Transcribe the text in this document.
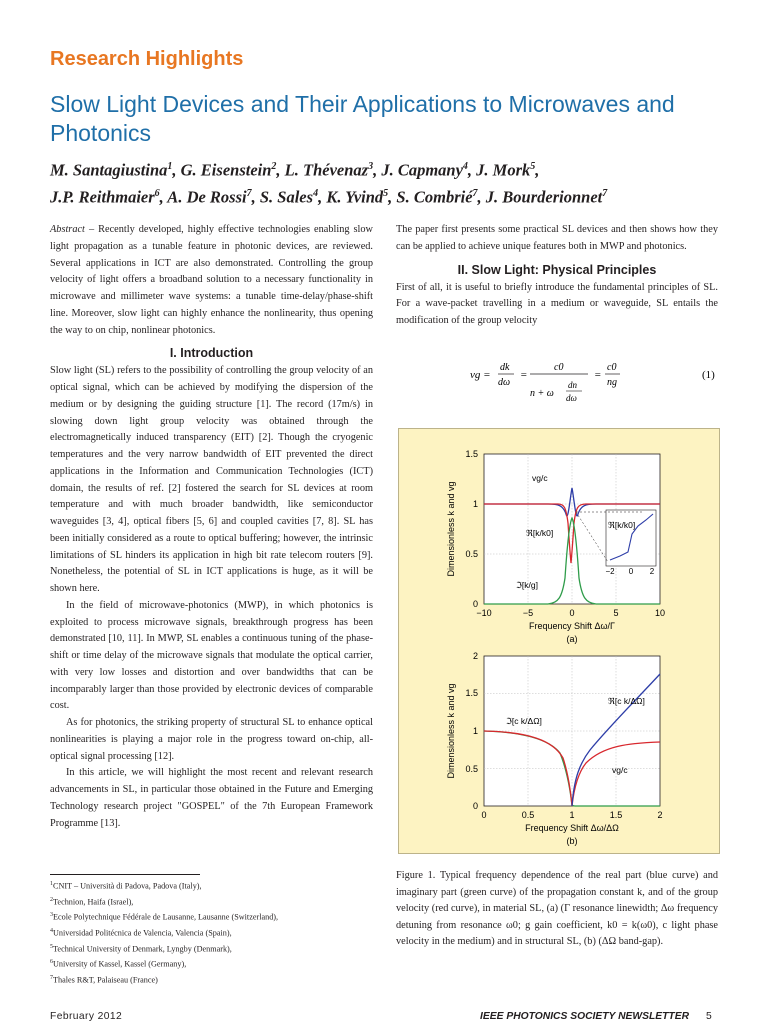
Research Highlights
Slow Light Devices and Their Applications to Microwaves and Photonics
M. Santagiustina$^1$, G. Eisenstein$^2$, L. Thévenaz$^3$, J. Capmany$^4$, J. Mork$^5$,
J.P. Reithmaier$^6$, A. De Rossi$^7$, S. Sales$^4$, K. Yvind$^5$, S. Combrié$^7$, J. Bourderionnet$^7$

Abstract – Recently developed, highly effective technologies enabling slow light propagation as a tunable feature in photonic devices, are reviewed. Several applications in ICT are also demonstrated. Controlling the group velocity of light offers a broadband solution to a necessary functionality in microwave and millimeter wave systems: a tunable time-delay/phase-shift line. Moreover, slow light can highly enhance the nonlinearity, thus opening the way to on chip, nonlinear photonics.

I. Introduction

Slow light (SL) refers to the possibility of controlling the group velocity of an optical signal, which can be achieved by modifying the dispersion of the medium or by designing the guiding structure [1]. The record (17m/s) in slowing down light group velocity was obtained through the electromagnetically induced transparency (EIT) [2]. Though the cryogenic temperatures and the very narrow bandwidth of EIT prevented the direct applications in the Information and Communication Technologies (ICT) domain, the results of ref. [2] fostered the search for SL devices at room temperature and with much broader bandwidth, like semiconductor waveguides [3, 4], optical fibers [5, 6] and coupled cavities [7, 8]. SL has been initially considered as a route to optical buffering; however, the intrinsic limitations of SL hinders its application in high bit rate telecom routers [9]. Nonetheless, the potential of SL in ICT applications is huge, as it will be shown here.

In the field of microwave-photonics (MWP), in which photonics is exploited to process microwave signals, breakthrough progress has been demonstrated [10, 11]. In MWP, SL enables a continuous tuning of the phase-shift or time delay of the microwave signals that modulate the optical carrier, with very low losses and distortion and over bandwidths that can be incomparably larger than those provided by electronic devices of comparable cost.

As for photonics, the striking property of structural SL to enhance optical nonlinearities is playing a major role in the progress toward on-chip, all-optical signal processing [12].

In this article, we will highlight the most recent and relevant research advancements in SL, in particular those obtained in the Future and Emerging Technology research project "GOSPEL" of the 7th European Framework Programme [13].

The paper first presents some practical SL devices and then shows how they can be applied to achieve unique features both in MWP and photonics.

II. Slow Light: Physical Principles

First of all, it is useful to briefly introduce the fundamental principles of SL. For a wave-packet travelling in a medium or waveguide, SL entails the modification of the group velocity

vg =
dk
dω
=
c0
n + ω
dn
dω
=
c0
ng
(1)
1.5
1
0.5
0
−10	−5	0	5	10
Frequency Shift Δω/Γ
(a)
Dimensionless k and vg	−2 0 2
vg/c
ℜ[k/k0]
ℜ[k/k0]
ℑ[k/g]
2
1.5
1
0.5
0
0	0.5	1	1.5	2
Frequency Shift Δω/ΔΩ
(b)
Dimensionless k and vg	ℑ[c k/ΔΩ]
ℜ[c k/ΔΩ]
vg/c

Figure 1. Typical frequency dependence of the real part (blue curve) and imaginary part (green curve) of the propagation constant k, and of the group velocity (red curve), in material SL, (a) (Γ resonance linewidth; Δω frequency detuning from resonance ω0; g gain coefficient, k0 = k(ω0), c light phase velocity in the medium) and in structural SL, (b) (ΔΩ band-gap).

$^1$CNIT – Università di Padova, Padova (Italy),
$^2$Technion, Haifa (Israel),
$^3$Ecole Polytechnique Fédérale de Lausanne, Lausanne (Switzerland),
$^4$Universidad Politécnica de Valencia, Valencia (Spain),
$^5$Technical University of Denmark, Lyngby (Denmark),
$^6$University of Kassel, Kassel (Germany),
$^7$Thales R&T, Palaiseau (France)
February 2012	IEEE PHOTONICS SOCIETY NEWSLETTER 5
